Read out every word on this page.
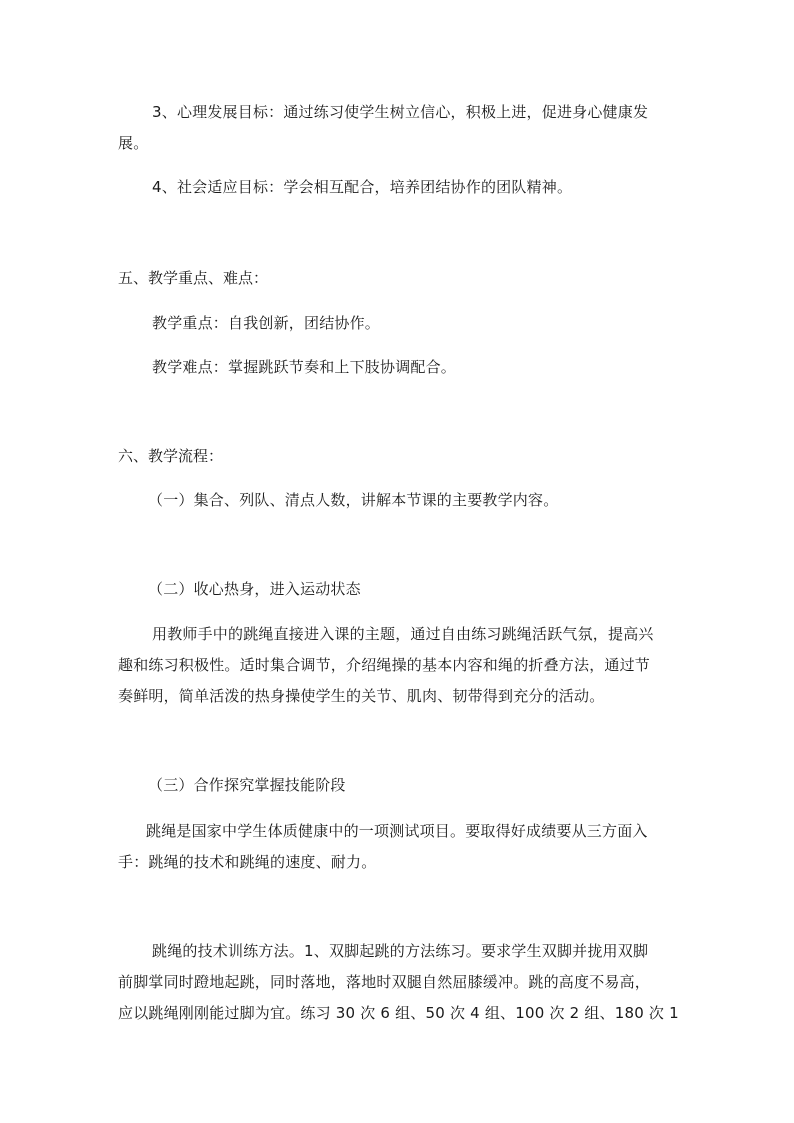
3、心理发展目标：通过练习使学生树立信心，积极上进，促进身心健康发
展。
4、社会适应目标：学会相互配合，培养团结协作的团队精神。
五、教学重点、难点：
教学重点：自我创新，团结协作。
教学难点：掌握跳跃节奏和上下肢协调配合。
六、教学流程：
（一）集合、列队、清点人数，讲解本节课的主要教学内容。
（二）收心热身，进入运动状态
用教师手中的跳绳直接进入课的主题，通过自由练习跳绳活跃气氛，提高兴
趣和练习积极性。适时集合调节，介绍绳操的基本内容和绳的折叠方法，通过节
奏鲜明，简单活泼的热身操使学生的关节、肌肉、韧带得到充分的活动。
（三）合作探究掌握技能阶段
跳绳是国家中学生体质健康中的一项测试项目。要取得好成绩要从三方面入
手：跳绳的技术和跳绳的速度、耐力。
跳绳的技术训练方法。1、双脚起跳的方法练习。要求学生双脚并拢用双脚
前脚掌同时蹬地起跳，同时落地，落地时双腿自然屈膝缓冲。跳的高度不易高，
应以跳绳刚刚能过脚为宜。练习 30 次 6 组、50 次 4 组、100 次 2 组、180 次 1
